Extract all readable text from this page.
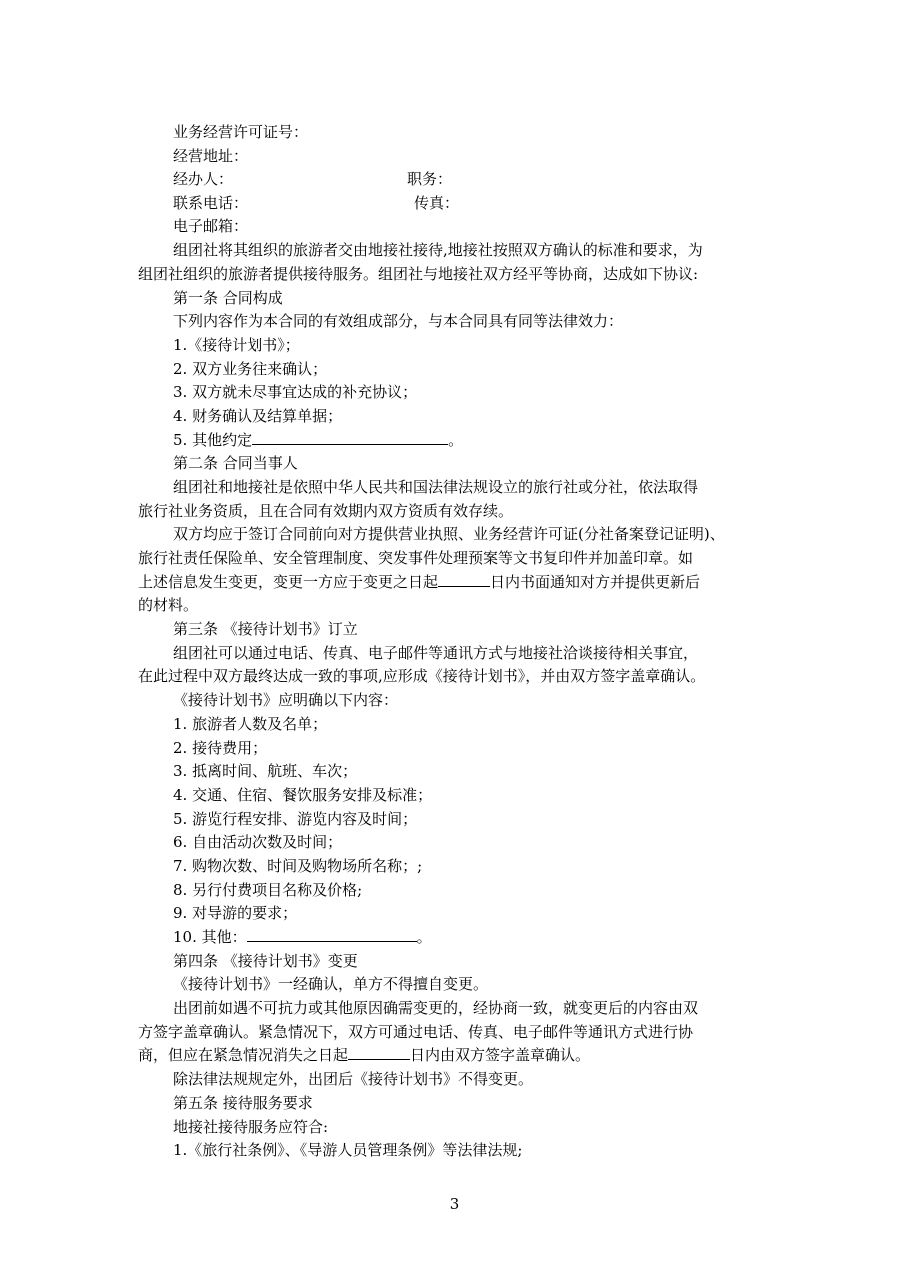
业务经营许可证号：
经营地址：
经办人：	职务：
联系电话：	传真：
电子邮箱：
组团社将其组织的旅游者交由地接社接待,地接社按照双方确认的标准和要求，为
组团社组织的旅游者提供接待服务。组团社与地接社双方经平等协商，达成如下协议:
第一条 合同构成
下列内容作为本合同的有效组成部分，与本合同具有同等法律效力：
1.《接待计划书》；
2. 双方业务往来确认；
3. 双方就未尽事宜达成的补充协议；
4. 财务确认及结算单据；
5. 其他约定	。
第二条 合同当事人
组团社和地接社是依照中华人民共和国法律法规设立的旅行社或分社，依法取得
旅行社业务资质，且在合同有效期内双方资质有效存续。
双方均应于签订合同前向对方提供营业执照、业务经营许可证(分社备案登记证明)、
旅行社责任保险单、安全管理制度、突发事件处理预案等文书复印件并加盖印章。如
上述信息发生变更，变更一方应于变更之日起	日内书面通知对方并提供更新后
的材料。
第三条 《接待计划书》订立
组团社可以通过电话、传真、电子邮件等通讯方式与地接社洽谈接待相关事宜，
在此过程中双方最终达成一致的事项,应形成《接待计划书》，并由双方签字盖章确认。
《接待计划书》应明确以下内容：
1. 旅游者人数及名单；
2. 接待费用；
3. 抵离时间、航班、车次；
4. 交通、住宿、餐饮服务安排及标准；
5. 游览行程安排、游览内容及时间；
6. 自由活动次数及时间；
7. 购物次数、时间及购物场所名称；;
8. 另行付费项目名称及价格;
9. 对导游的要求；
10. 其他：	。
第四条 《接待计划书》变更
《接待计划书》一经确认，单方不得擅自变更。
出团前如遇不可抗力或其他原因确需变更的，经协商一致，就变更后的内容由双
方签字盖章确认。紧急情况下，双方可通过电话、传真、电子邮件等通讯方式进行协
商，但应在紧急情况消失之日起	日内由双方签字盖章确认。
除法律法规规定外，出团后《接待计划书》不得变更。
第五条 接待服务要求
地接社接待服务应符合:
1.《旅行社条例》、《导游人员管理条例》等法律法规;
3
